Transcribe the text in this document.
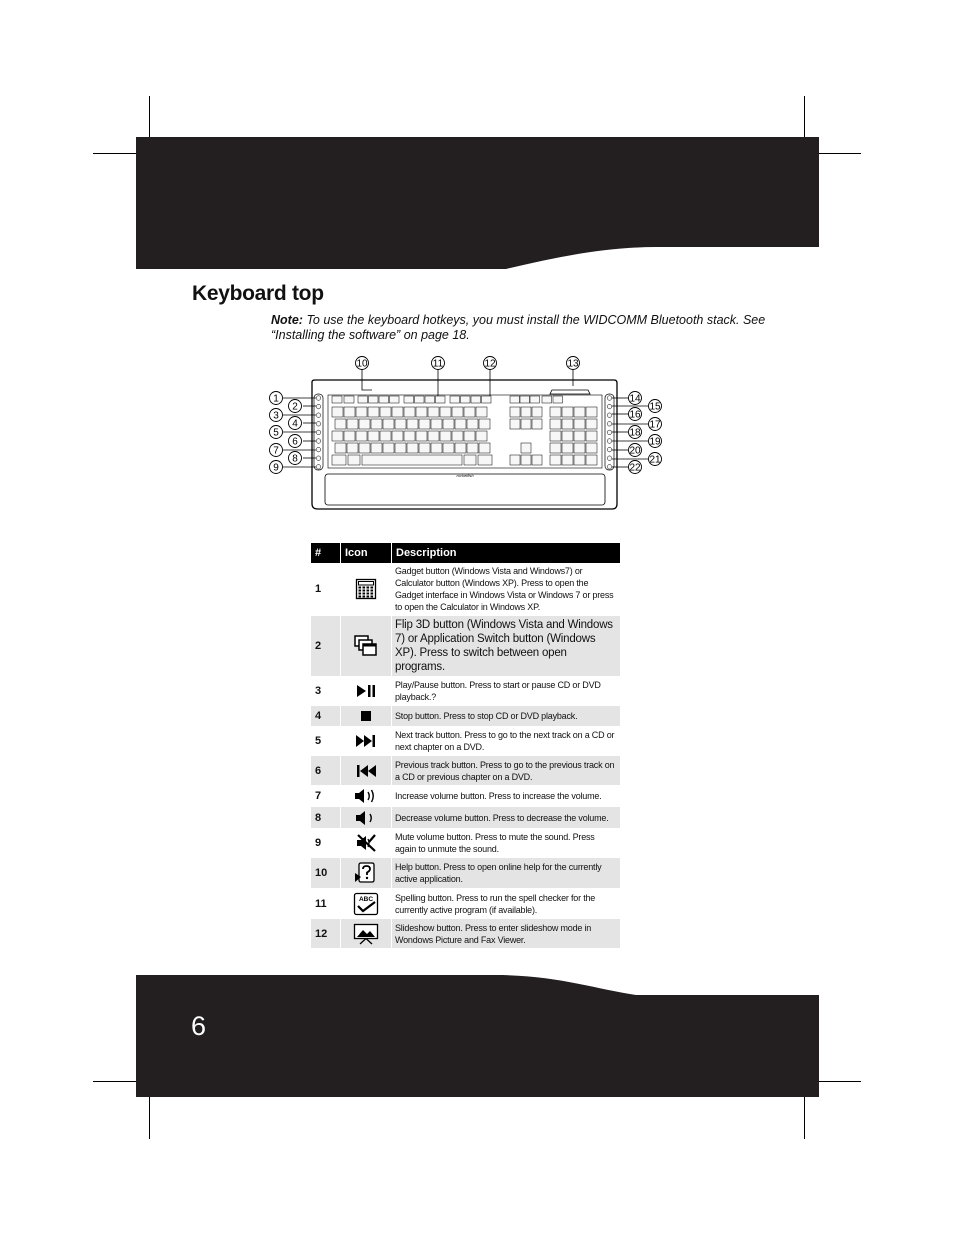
Keyboard top
Note: To use the keyboard hotkeys, you must install the WIDCOMM Bluetooth stack. See “Installing the software” on page 18.
rocketfish
1
2
3
4
5
6
7
8
9
10	11	12	13
14
15
16
17
18
19
20
21
22
#	Icon	Description
1		Gadget button (Windows Vista and Windows7) or Calculator button (Windows XP). Press to open the Gadget interface in Windows Vista or Windows 7 or press to open the Calculator in Windows XP.
2		Flip 3D button (Windows Vista and Windows 7) or Application Switch button (Windows XP). Press to switch between open programs.
3		Play/Pause button. Press to start or pause CD or DVD playback.?
4		Stop button. Press to stop CD or DVD playback.
5		Next track button. Press to go to the next track on a CD or next chapter on a DVD.
6		Previous track button. Press to go to the previous track on a CD or previous chapter on a DVD.
7		Increase volume button. Press to increase the volume.
8		Decrease volume button. Press to decrease the volume.
9		Mute volume button. Press to mute the sound. Press again to unmute the sound.
10		Help button. Press to open online help for the currently active application.
11	ABC	Spelling button. Press to run the spell checker for the currently active program (if available).
12		Slideshow button. Press to enter slideshow mode in Wondows Picture and Fax Viewer.
6
